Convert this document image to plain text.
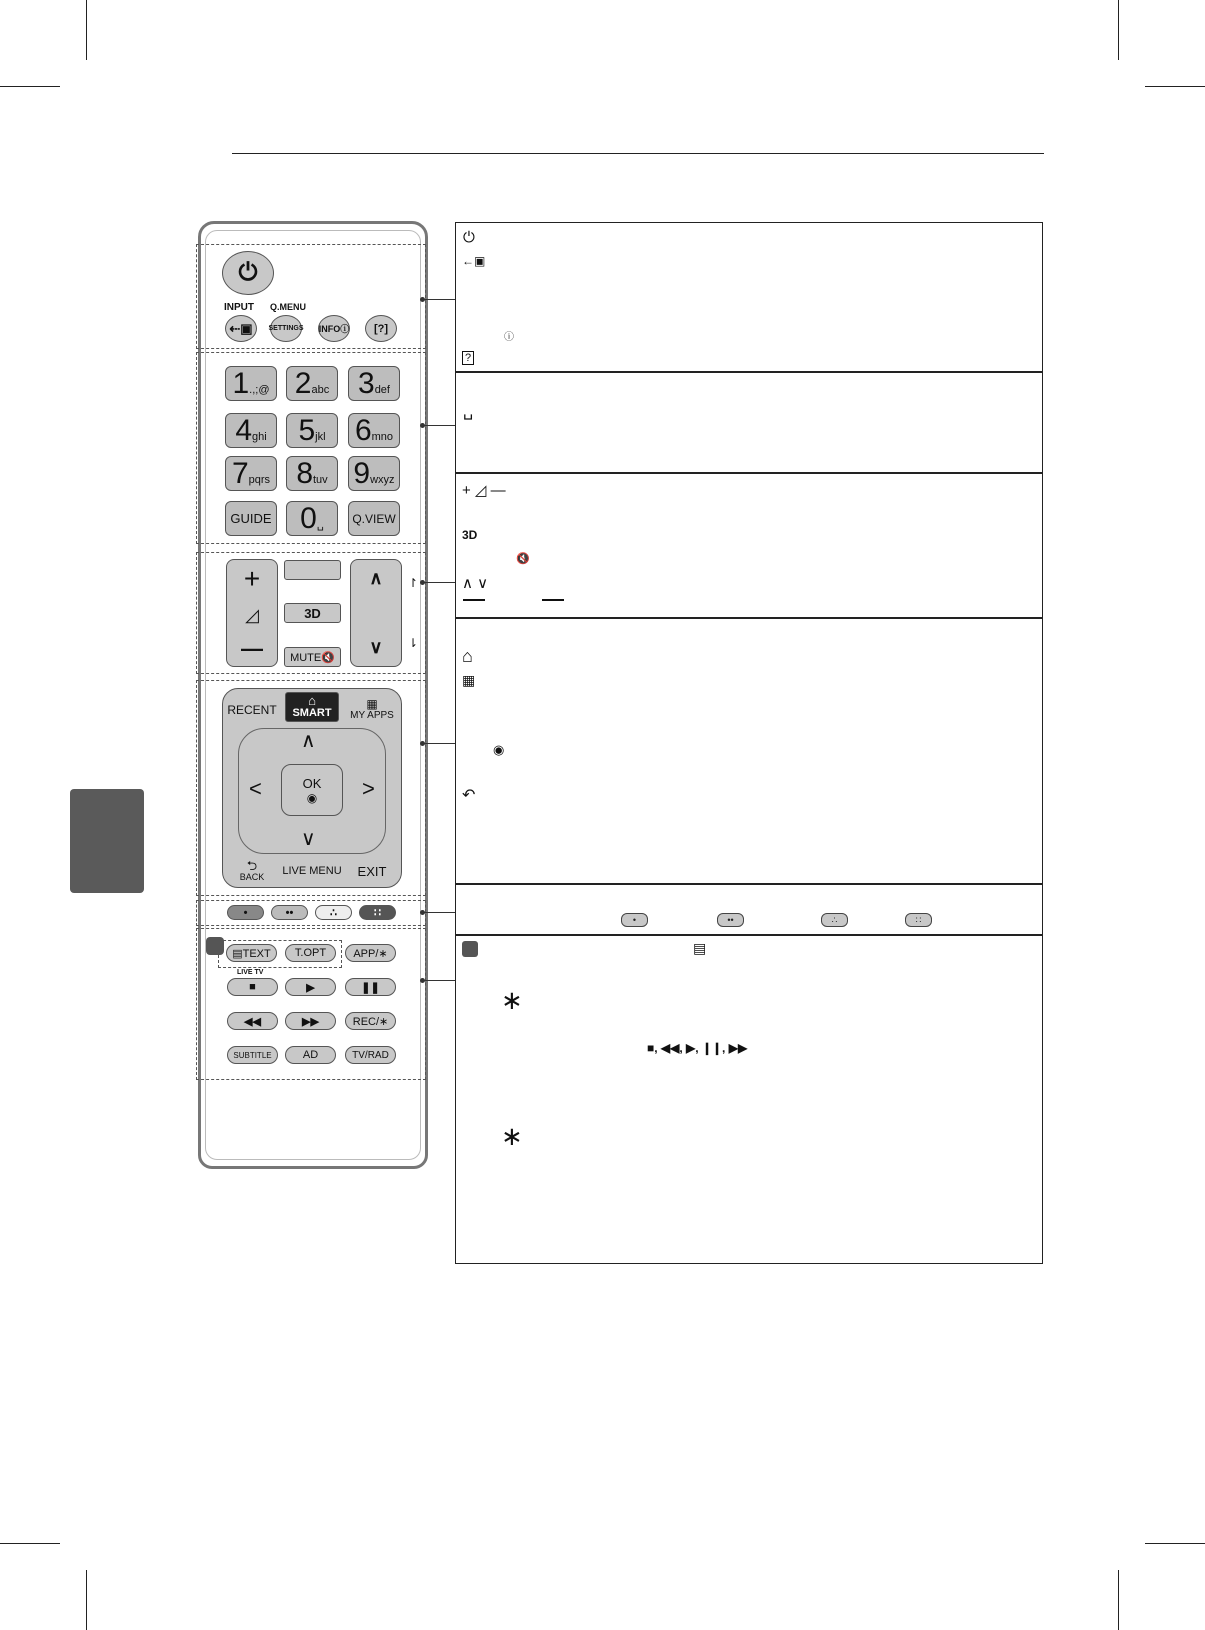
⏻
INPUT Q.MENU
⇠▣ SETTINGS INFOⓘ [?]
1 .,;@ 2 abc 3 def
4 ghi 5 jkl 6 mno
7 pqrs 8 tuv 9 wxyz
GUIDE 0 ␣ Q.VIEW
+
◿
—
3D
MUTE🔇
∧
∨
↾
⇂
RECENT
⌂
SMART
▦
MY APPS
∧
∨
<	>
OK
◉
⮌
BACK LIVE MENU EXIT
•	••	∴	∷
▤TEXT T.OPT APP/∗
LIVE TV
■	▶	❚❚
◀◀	▶▶	REC/∗
SUBTITLE	AD	TV/RAD
⏻
←▣
ⓘ
?
␣
+ ◿ —
3D
🔇
∧ ∨
⌂
▦
◉
↶
•	••	∴	∷
▤
∗
■, ◀◀, ▶, ❙❙, ▶▶
∗
